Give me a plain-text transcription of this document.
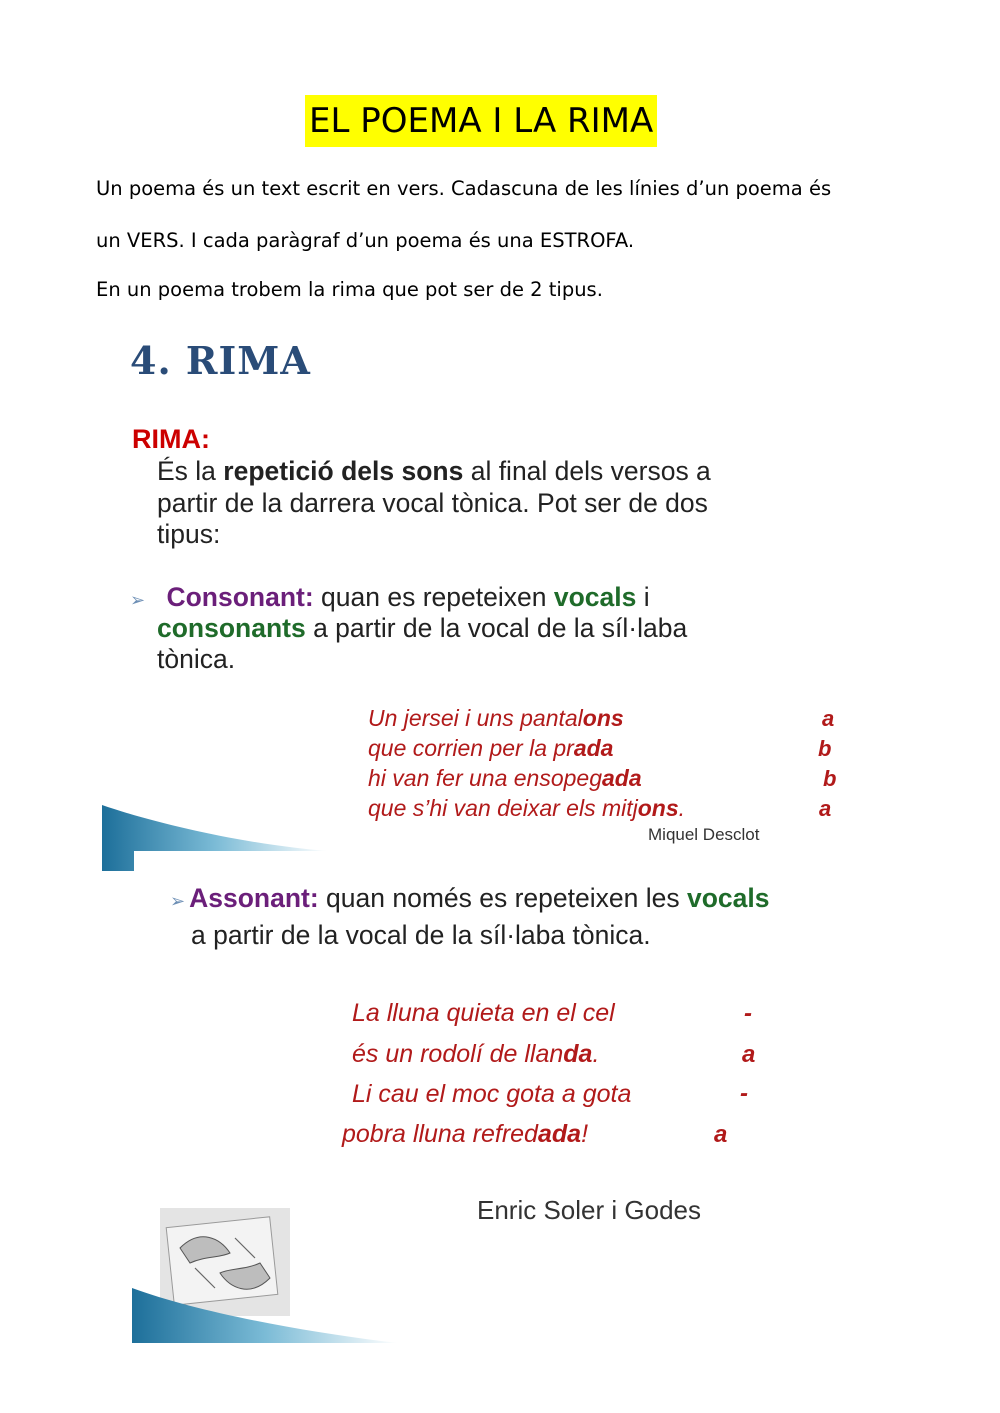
EL POEMA I LA RIMA
Un poema és un text escrit en vers. Cadascuna de les línies d’un poema és
un VERS. I cada paràgraf d’un poema és una ESTROFA.
En un poema trobem la rima que pot ser de 2 tipus.
4. RIMA
RIMA:
És la repetició dels sons al final dels versos a
partir de la darrera vocal tònica. Pot ser de dos
tipus:
➢ Consonant: quan es repeteixen vocals i
consonants a partir de la vocal de la síl·laba
tònica.
Un jersei i uns pantalons	a
que corrien per la prada	b
hi van fer una ensopegada	b
que s’hi van deixar els mitjons.	a
Miquel Desclot
➢ Assonant: quan només es repeteixen les vocals
a partir de la vocal de la síl·laba tònica.
La lluna quieta en el cel	-
és un rodolí de llanda.	a
Li cau el moc gota a gota	-
pobra lluna refredada!	a
Enric Soler i Godes
